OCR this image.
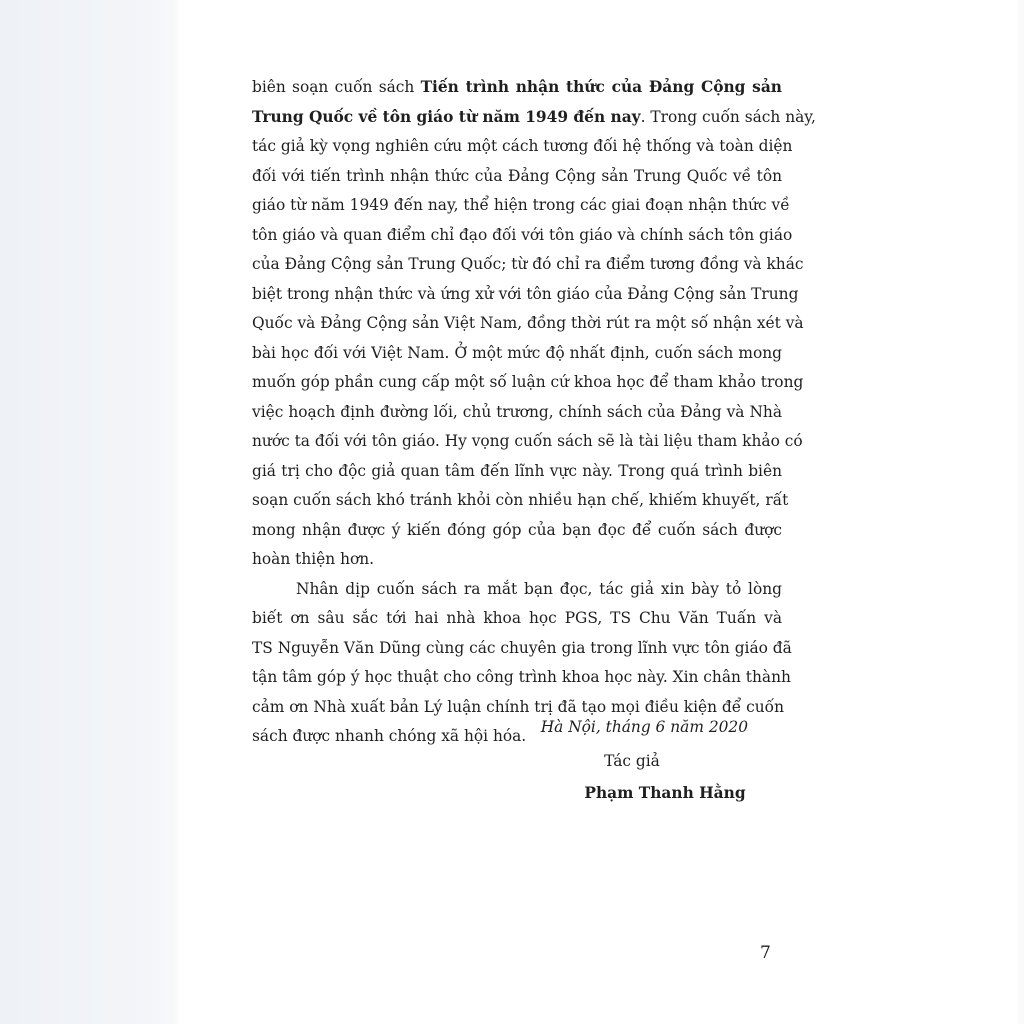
biên soạn cuốn sách Tiến trình nhận thức của Đảng Cộng sản
Trung Quốc về tôn giáo từ năm 1949 đến nay. Trong cuốn sách này,
tác giả kỳ vọng nghiên cứu một cách tương đối hệ thống và toàn diện
đối với tiến trình nhận thức của Đảng Cộng sản Trung Quốc về tôn
giáo từ năm 1949 đến nay, thể hiện trong các giai đoạn nhận thức về
tôn giáo và quan điểm chỉ đạo đối với tôn giáo và chính sách tôn giáo
của Đảng Cộng sản Trung Quốc; từ đó chỉ ra điểm tương đồng và khác
biệt trong nhận thức và ứng xử với tôn giáo của Đảng Cộng sản Trung
Quốc và Đảng Cộng sản Việt Nam, đồng thời rút ra một số nhận xét và
bài học đối với Việt Nam. Ở một mức độ nhất định, cuốn sách mong
muốn góp phần cung cấp một số luận cứ khoa học để tham khảo trong
việc hoạch định đường lối, chủ trương, chính sách của Đảng và Nhà
nước ta đối với tôn giáo. Hy vọng cuốn sách sẽ là tài liệu tham khảo có
giá trị cho độc giả quan tâm đến lĩnh vực này. Trong quá trình biên
soạn cuốn sách khó tránh khỏi còn nhiều hạn chế, khiếm khuyết, rất
mong nhận được ý kiến đóng góp của bạn đọc để cuốn sách được
hoàn thiện hơn.
Nhân dịp cuốn sách ra mắt bạn đọc, tác giả xin bày tỏ lòng
biết ơn sâu sắc tới hai nhà khoa học PGS, TS Chu Văn Tuấn và
TS Nguyễn Văn Dũng cùng các chuyên gia trong lĩnh vực tôn giáo đã
tận tâm góp ý học thuật cho công trình khoa học này. Xin chân thành
cảm ơn Nhà xuất bản Lý luận chính trị đã tạo mọi điều kiện để cuốn
sách được nhanh chóng xã hội hóa. Hà Nội, tháng 6 năm 2020
Tác giả
Phạm Thanh Hằng
7
